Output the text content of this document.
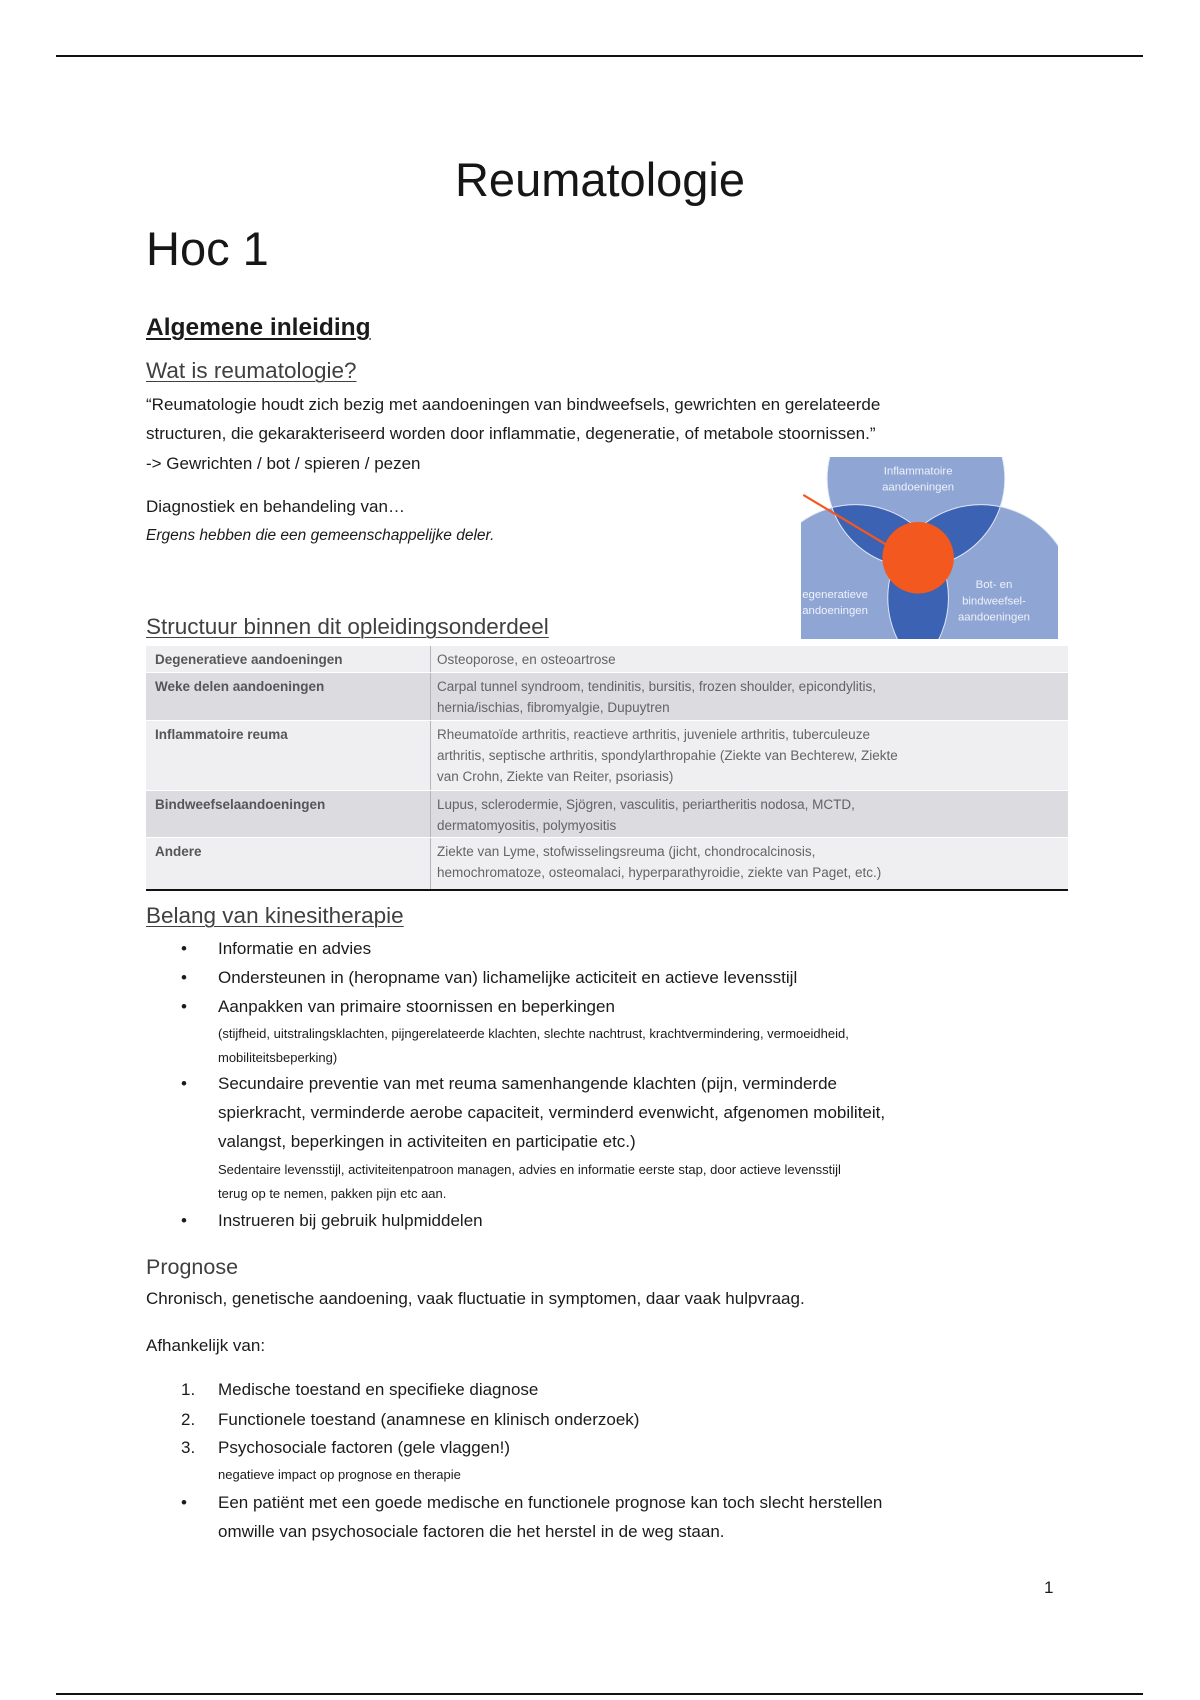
Reumatologie
Hoc 1
Algemene inleiding
Wat is reumatologie?
“Reumatologie houdt zich bezig met aandoeningen van bindweefsels, gewrichten en gerelateerde
structuren, die gekarakteriseerd worden door inflammatie, degeneratie, of metabole stoornissen.”
-> Gewrichten / bot / spieren / pezen
Diagnostiek en behandeling van…
Ergens hebben die een gemeenschappelijke deler.
Inflammatoire
aandoeningen
egeneratieve
andoeningen
Bot- en
bindweefsel-
aandoeningen
Structuur binnen dit opleidingsonderdeel
Degeneratieve aandoeningen	Osteoporose, en osteoartrose
Weke delen aandoeningen	Carpal tunnel syndroom, tendinitis, bursitis, frozen shoulder, epicondylitis,
hernia/ischias, fibromyalgie, Dupuytren
Inflammatoire reuma	Rheumatoïde arthritis, reactieve arthritis, juveniele arthritis, tuberculeuze
arthritis, septische arthritis, spondylarthropahie (Ziekte van Bechterew, Ziekte
van Crohn, Ziekte van Reiter, psoriasis)
Bindweefselaandoeningen	Lupus, sclerodermie, Sjögren, vasculitis, periartheritis nodosa, MCTD,
dermatomyositis, polymyositis
Andere	Ziekte van Lyme, stofwisselingsreuma (jicht, chondrocalcinosis,
hemochromatoze, osteomalaci, hyperparathyroidie, ziekte van Paget, etc.)
Belang van kinesitherapie
• Informatie en advies
• Ondersteunen in (heropname van) lichamelijke acticiteit en actieve levensstijl
• Aanpakken van primaire stoornissen en beperkingen
(stijfheid, uitstralingsklachten, pijngerelateerde klachten, slechte nachtrust, krachtvermindering, vermoeidheid,
mobiliteitsbeperking)
• Secundaire preventie van met reuma samenhangende klachten (pijn, verminderde
spierkracht, verminderde aerobe capaciteit, verminderd evenwicht, afgenomen mobiliteit,
valangst, beperkingen in activiteiten en participatie etc.)
Sedentaire levensstijl, activiteitenpatroon managen, advies en informatie eerste stap, door actieve levensstijl
terug op te nemen, pakken pijn etc aan.
• Instrueren bij gebruik hulpmiddelen
Prognose
Chronisch, genetische aandoening, vaak fluctuatie in symptomen, daar vaak hulpvraag.
Afhankelijk van:
1. Medische toestand en specifieke diagnose
2. Functionele toestand (anamnese en klinisch onderzoek)
3. Psychosociale factoren (gele vlaggen!)
negatieve impact op prognose en therapie
• Een patiënt met een goede medische en functionele prognose kan toch slecht herstellen
omwille van psychosociale factoren die het herstel in de weg staan.
1
